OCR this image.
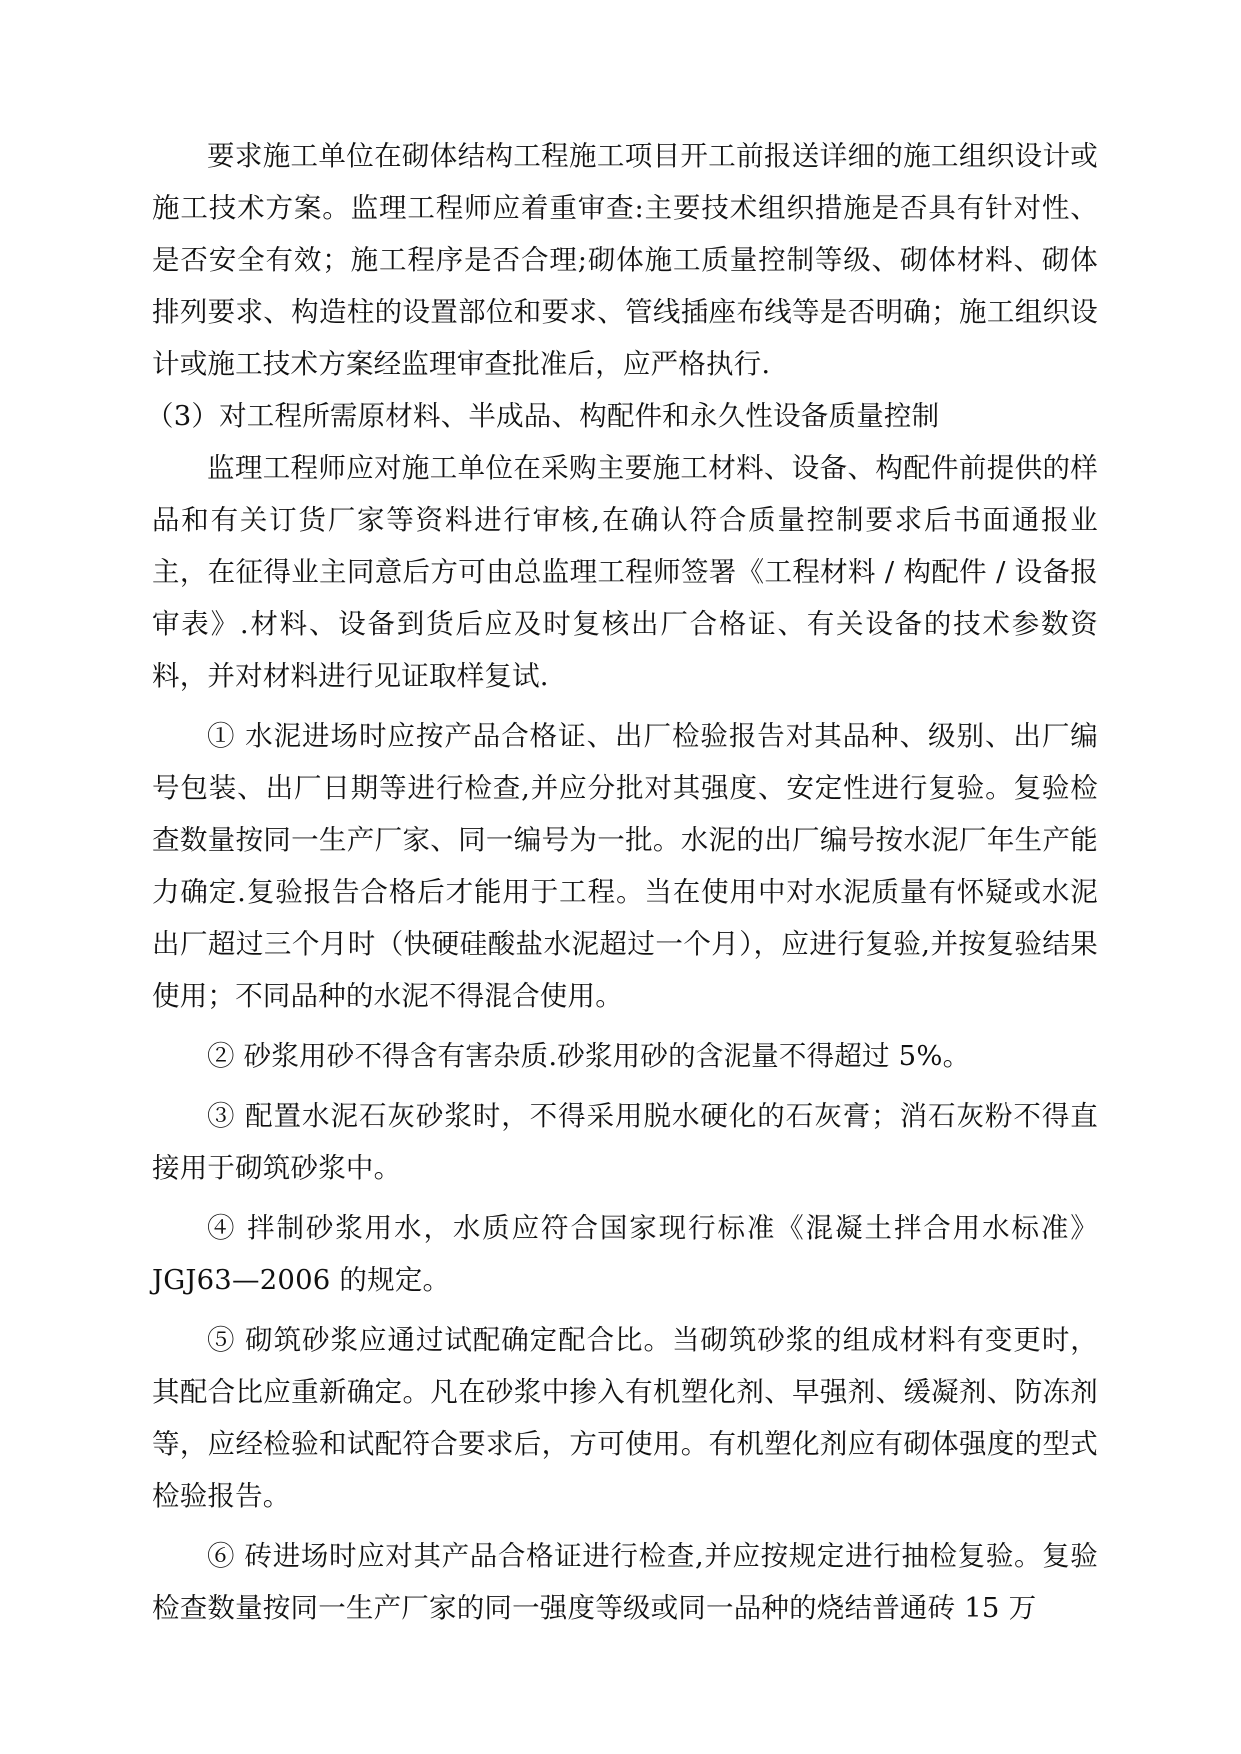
要求施工单位在砌体结构工程施工项目开工前报送详细的施工组织设计或施工技术方案。监理工程师应着重审查:主要技术组织措施是否具有针对性、是否安全有效；施工程序是否合理;砌体施工质量控制等级、砌体材料、砌体排列要求、构造柱的设置部位和要求、管线插座布线等是否明确；施工组织设计或施工技术方案经监理审查批准后，应严格执行.

（3）对工程所需原材料、半成品、构配件和永久性设备质量控制

监理工程师应对施工单位在采购主要施工材料、设备、构配件前提供的样品和有关订货厂家等资料进行审核,在确认符合质量控制要求后书面通报业主，在征得业主同意后方可由总监理工程师签署《工程材料 / 构配件 / 设备报审表》.材料、设备到货后应及时复核出厂合格证、有关设备的技术参数资料，并对材料进行见证取样复试.

① 水泥进场时应按产品合格证、出厂检验报告对其品种、级别、出厂编号包装、出厂日期等进行检查,并应分批对其强度、安定性进行复验。复验检查数量按同一生产厂家、同一编号为一批。水泥的出厂编号按水泥厂年生产能力确定.复验报告合格后才能用于工程。当在使用中对水泥质量有怀疑或水泥出厂超过三个月时（快硬硅酸盐水泥超过一个月），应进行复验,并按复验结果使用；不同品种的水泥不得混合使用。

② 砂浆用砂不得含有害杂质.砂浆用砂的含泥量不得超过 5%。

③ 配置水泥石灰砂浆时，不得采用脱水硬化的石灰膏；消石灰粉不得直接用于砌筑砂浆中。

④ 拌制砂浆用水，水质应符合国家现行标准《混凝土拌合用水标准》JGJ63—2006 的规定。

⑤ 砌筑砂浆应通过试配确定配合比。当砌筑砂浆的组成材料有变更时，其配合比应重新确定。凡在砂浆中掺入有机塑化剂、早强剂、缓凝剂、防冻剂等，应经检验和试配符合要求后，方可使用。有机塑化剂应有砌体强度的型式检验报告。

⑥ 砖进场时应对其产品合格证进行检查,并应按规定进行抽检复验。复验检查数量按同一生产厂家的同一强度等级或同一品种的烧结普通砖 15 万
